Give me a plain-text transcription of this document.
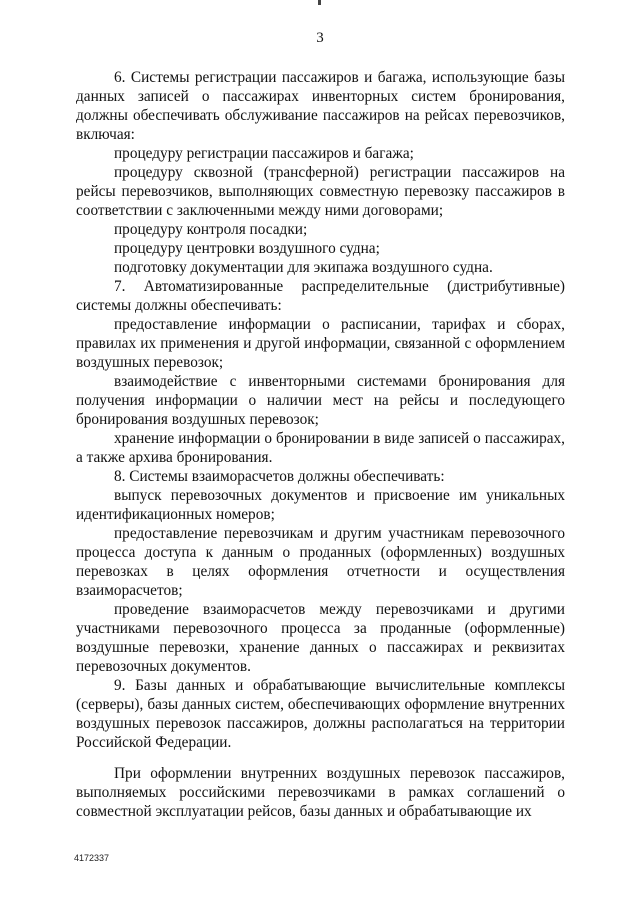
3

6. Системы регистрации пассажиров и багажа, использующие базы данных записей о пассажирах инвенторных систем бронирования, должны обеспечивать обслуживание пассажиров на рейсах перевозчиков, включая:

процедуру регистрации пассажиров и багажа;

процедуру сквозной (трансферной) регистрации пассажиров на рейсы перевозчиков, выполняющих совместную перевозку пассажиров в соответствии с заключенными между ними договорами;

процедуру контроля посадки;

процедуру центровки воздушного судна;

подготовку документации для экипажа воздушного судна.

7. Автоматизированные распределительные (дистрибутивные) системы должны обеспечивать:

предоставление информации о расписании, тарифах и сборах, правилах их применения и другой информации, связанной с оформлением воздушных перевозок;

взаимодействие с инвенторными системами бронирования для получения информации о наличии мест на рейсы и последующего бронирования воздушных перевозок;

хранение информации о бронировании в виде записей о пассажирах, а также архива бронирования.

8. Системы взаиморасчетов должны обеспечивать:

выпуск перевозочных документов и присвоение им уникальных идентификационных номеров;

предоставление перевозчикам и другим участникам перевозочного процесса доступа к данным о проданных (оформленных) воздушных перевозках в целях оформления отчетности и осуществления взаиморасчетов;

проведение взаиморасчетов между перевозчиками и другими участниками перевозочного процесса за проданные (оформленные) воздушные перевозки, хранение данных о пассажирах и реквизитах перевозочных документов.

9. Базы данных и обрабатывающие вычислительные комплексы (серверы), базы данных систем, обеспечивающих оформление внутренних воздушных перевозок пассажиров, должны располагаться на территории Российской Федерации.

При оформлении внутренних воздушных перевозок пассажиров, выполняемых российскими перевозчиками в рамках соглашений о совместной эксплуатации рейсов, базы данных и обрабатывающие их

4172337
